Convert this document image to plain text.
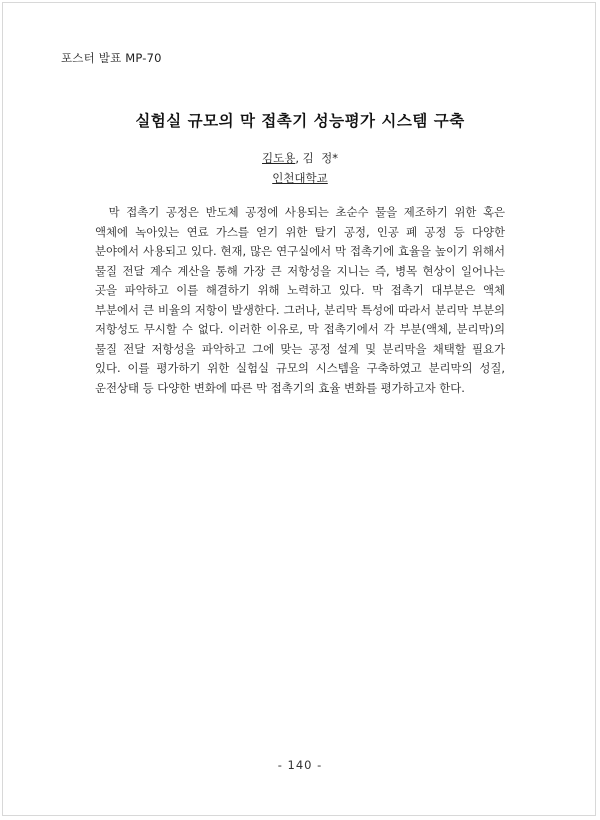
포스터 발표 MP-70
실험실 규모의 막 접촉기 성능평가 시스템 구축
김도용, 김  정*
인천대학교

막 접촉기 공정은 반도체 공정에 사용되는 초순수 물을 제조하기 위한 혹은 액체에 녹아있는 연료 가스를 얻기 위한 탈기 공정, 인공 폐 공정 등 다양한 분야에서 사용되고 있다. 현재, 많은 연구실에서 막 접촉기에 효율을 높이기 위해서 물질 전달 계수 계산을 통해 가장 큰 저항성을 지니는 즉, 병목 현상이 일어나는 곳을 파악하고 이를 해결하기 위해 노력하고 있다. 막 접촉기 대부분은 액체 부분에서 큰 비율의 저항이 발생한다. 그러나, 분리막 특성에 따라서 분리막 부분의 저항성도 무시할 수 없다. 이러한 이유로, 막 접촉기에서 각 부분(액체, 분리막)의 물질 전달 저항성을 파악하고 그에 맞는 공정 설계 및 분리막을 채택할 필요가 있다. 이를 평가하기 위한 실험실 규모의 시스템을 구축하였고 분리막의 성질, 운전상태 등 다양한 변화에 따른 막 접촉기의 효율 변화를 평가하고자 한다.

- 140 -
